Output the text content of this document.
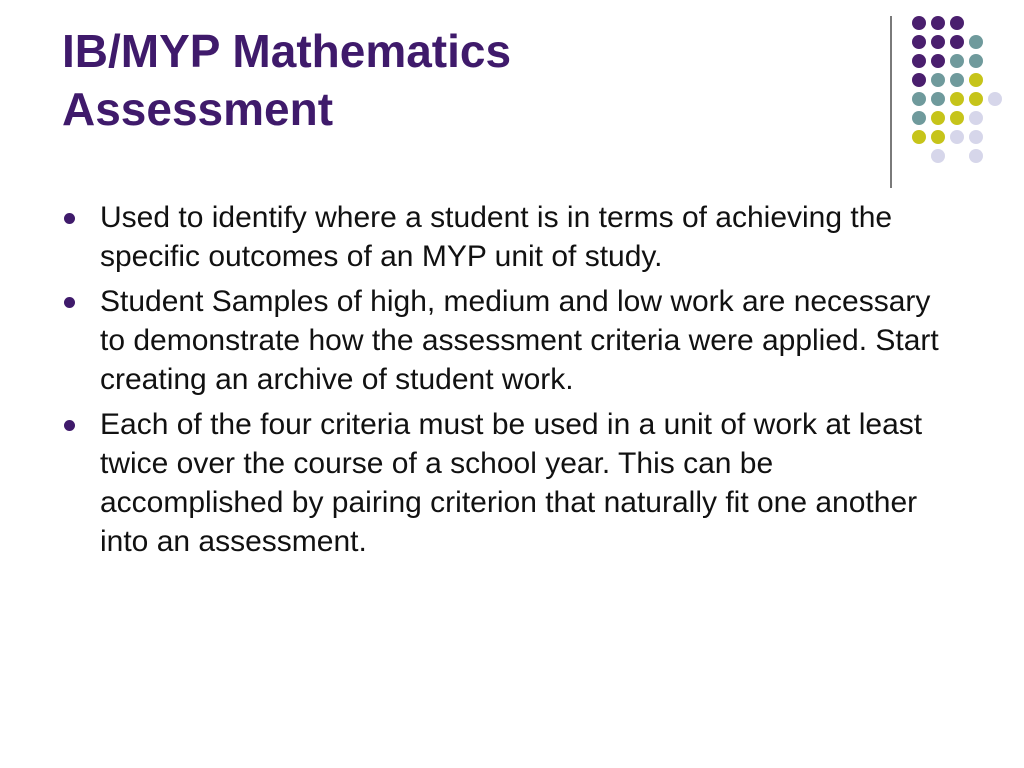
IB/MYP Mathematics
Assessment
Used to identify where a student is in terms of achieving the specific outcomes of an MYP unit of study.
Student Samples of high, medium and low work are necessary to demonstrate how the assessment criteria were applied. Start creating an archive of student work.
Each of the four criteria must be used in a unit of work at least twice over the course of a school year. This can be accomplished by pairing criterion that naturally fit one another into an assessment.
